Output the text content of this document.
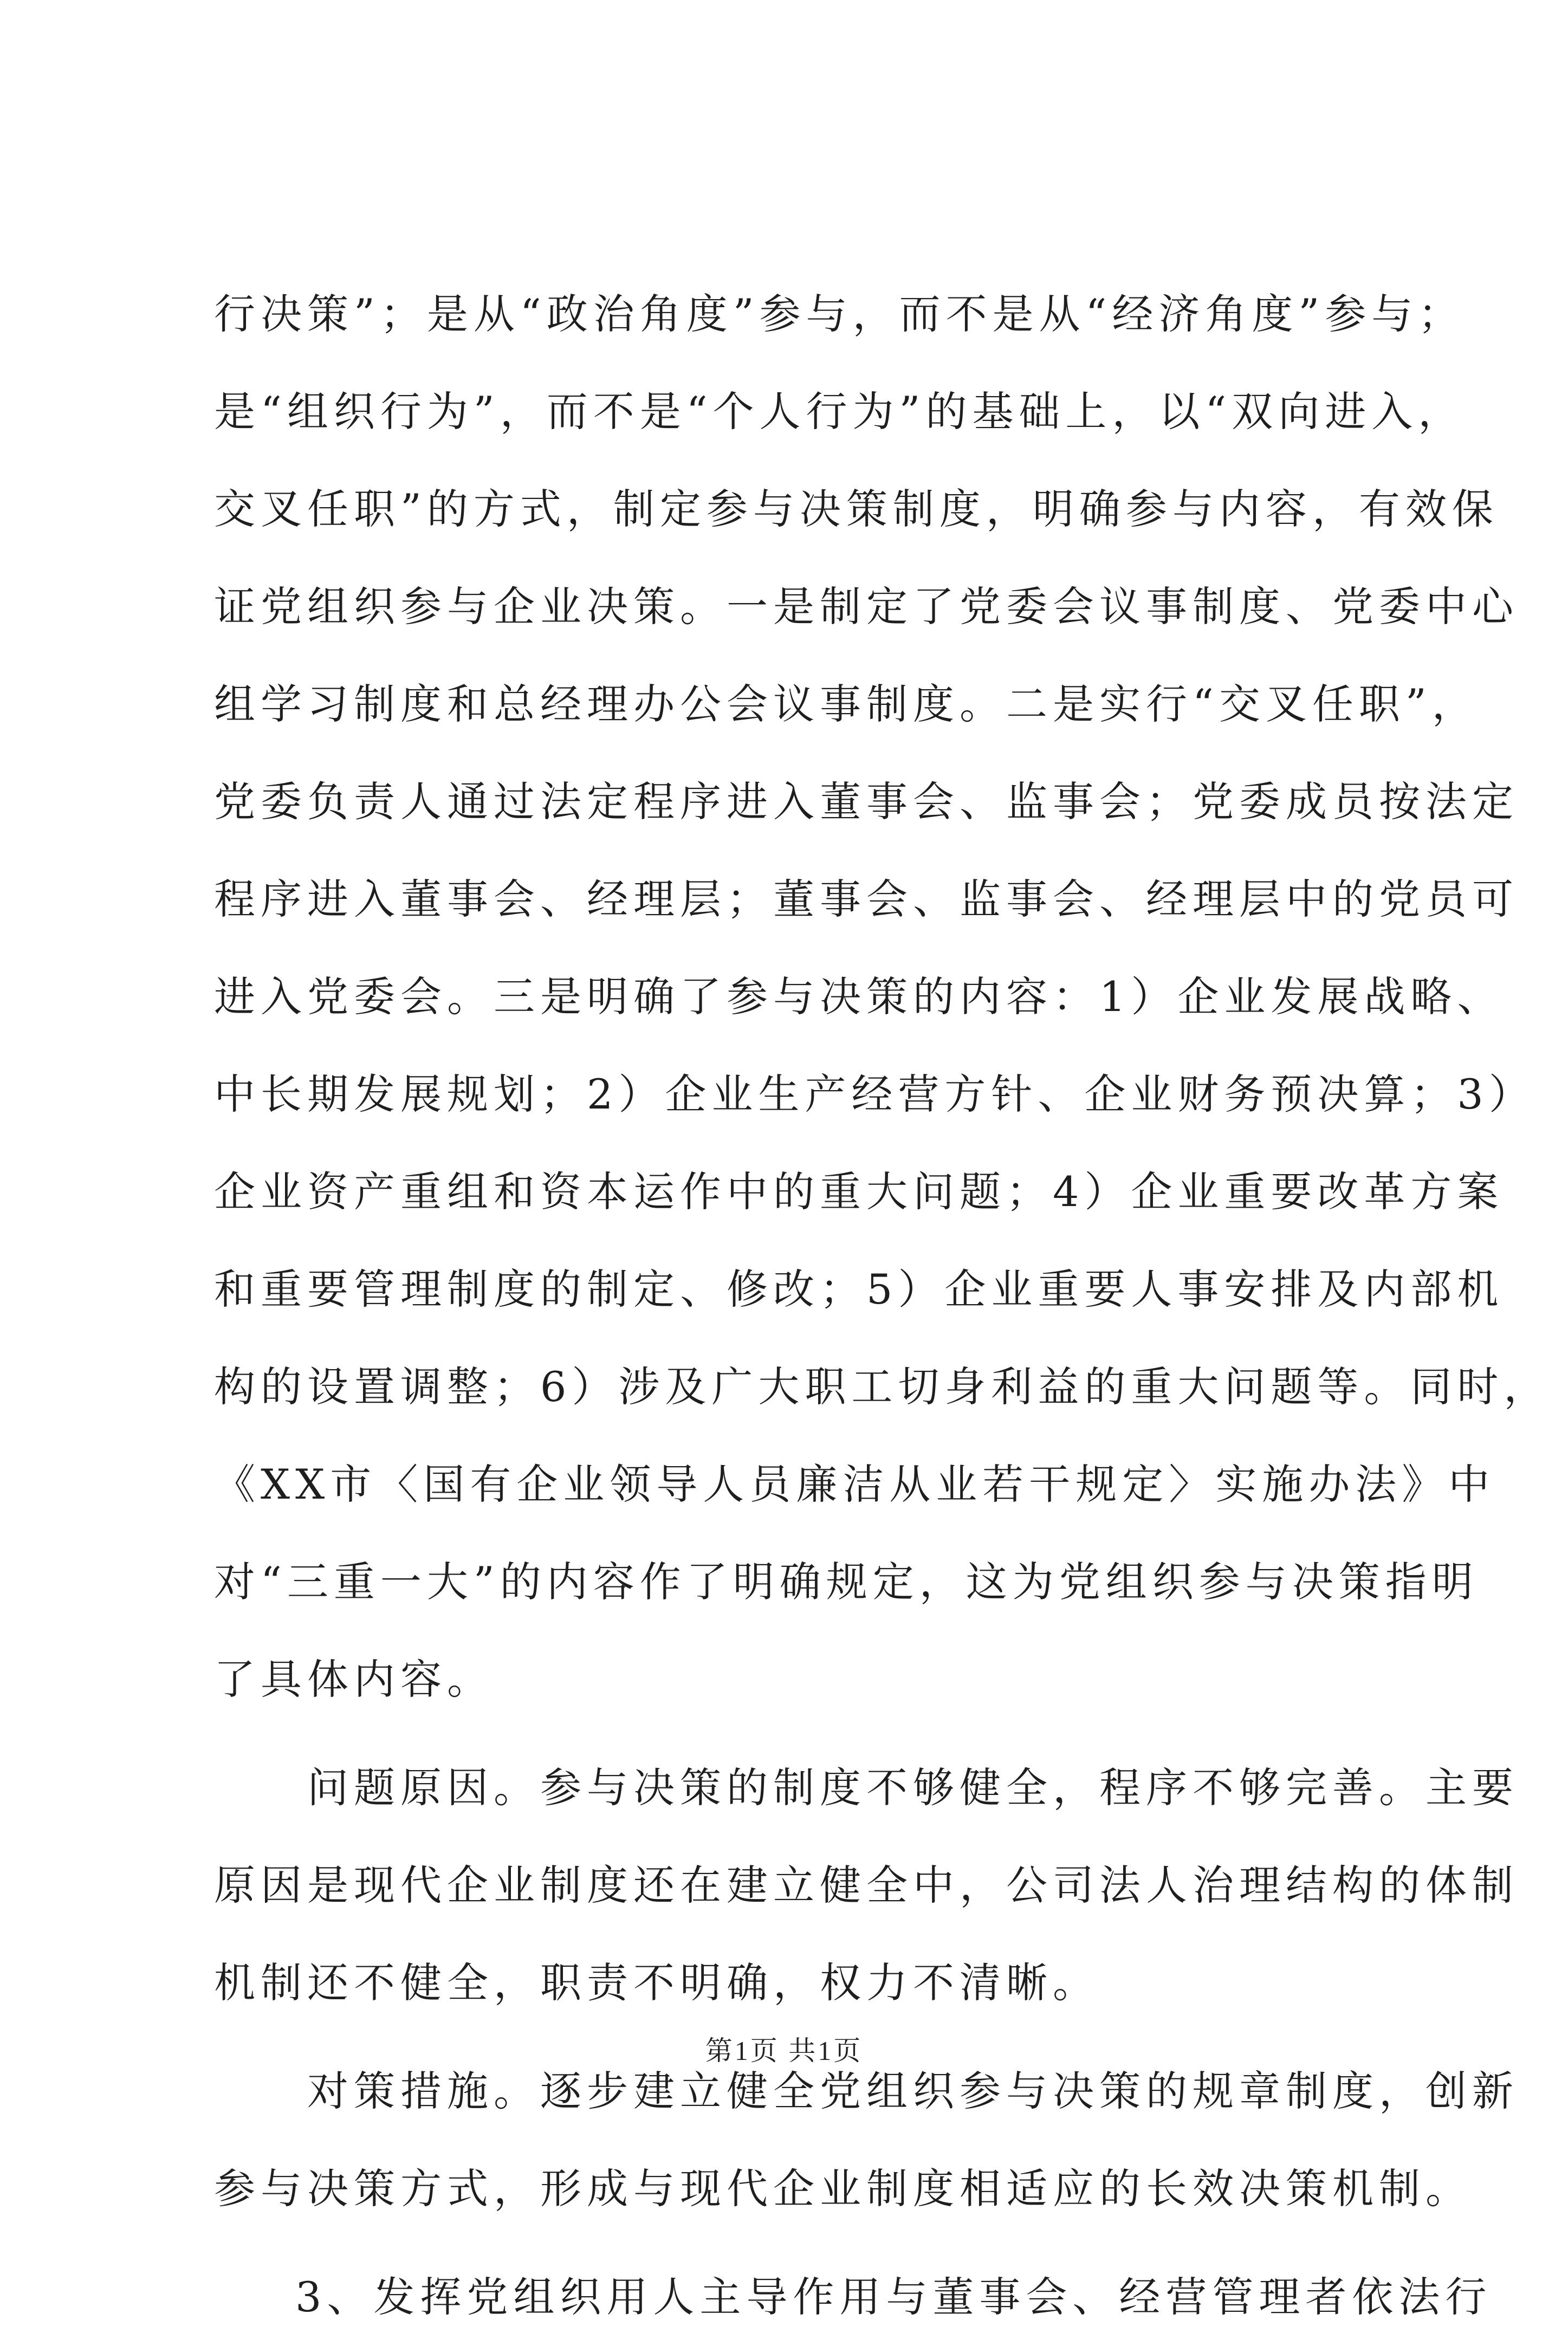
行决策”；是从“政治角度”参与，而不是从“经济角度”参与；
是“组织行为”，而不是“个人行为”的基础上，以“双向进入，
交叉任职”的方式，制定参与决策制度，明确参与内容，有效保
证党组织参与企业决策。一是制定了党委会议事制度、党委中心
组学习制度和总经理办公会议事制度。二是实行“交叉任职”，
党委负责人通过法定程序进入董事会、监事会；党委成员按法定
程序进入董事会、经理层；董事会、监事会、经理层中的党员可
进入党委会。三是明确了参与决策的内容：1）企业发展战略、
中长期发展规划；2）企业生产经营方针、企业财务预决算；3）
企业资产重组和资本运作中的重大问题；4）企业重要改革方案
和重要管理制度的制定、修改；5）企业重要人事安排及内部机
构的设置调整；6）涉及广大职工切身利益的重大问题等。同时，
《XX市〈国有企业领导人员廉洁从业若干规定〉实施办法》中
对“三重一大”的内容作了明确规定，这为党组织参与决策指明
了具体内容。
问题原因。参与决策的制度不够健全，程序不够完善。主要
原因是现代企业制度还在建立健全中，公司法人治理结构的体制
机制还不健全，职责不明确，权力不清晰。
对策措施。逐步建立健全党组织参与决策的规章制度，创新
参与决策方式，形成与现代企业制度相适应的长效决策机制。
3、发挥党组织用人主导作用与董事会、经营管理者依法行
第1页 共1页
